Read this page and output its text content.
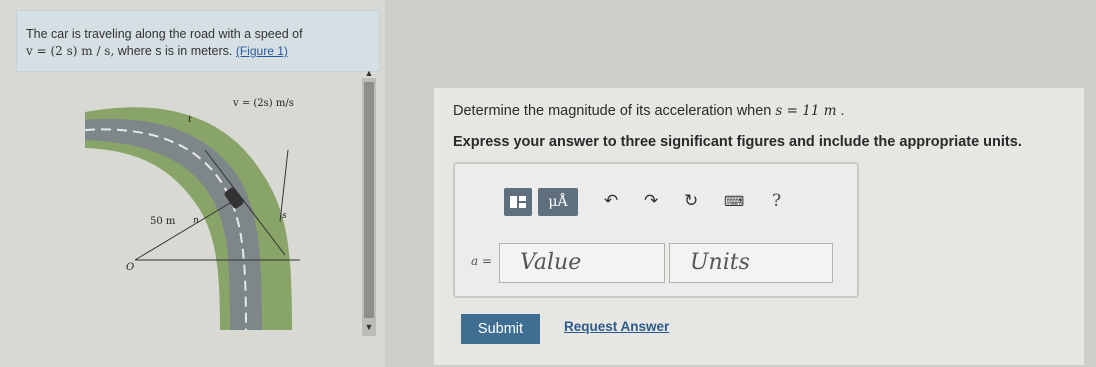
The car is traveling along the road with a speed of
v = (2 s) m / s, where s is in meters. (Figure 1)
v = (2s) m/s
50 m n
t
s
O
▲
▼
Determine the magnitude of its acceleration when s = 11 m .
Express your answer to three significant figures and include the appropriate units.
μÅ	↶ ↷ ↻ ⌨ ?
a =	Value	Units
Submit	Request Answer
